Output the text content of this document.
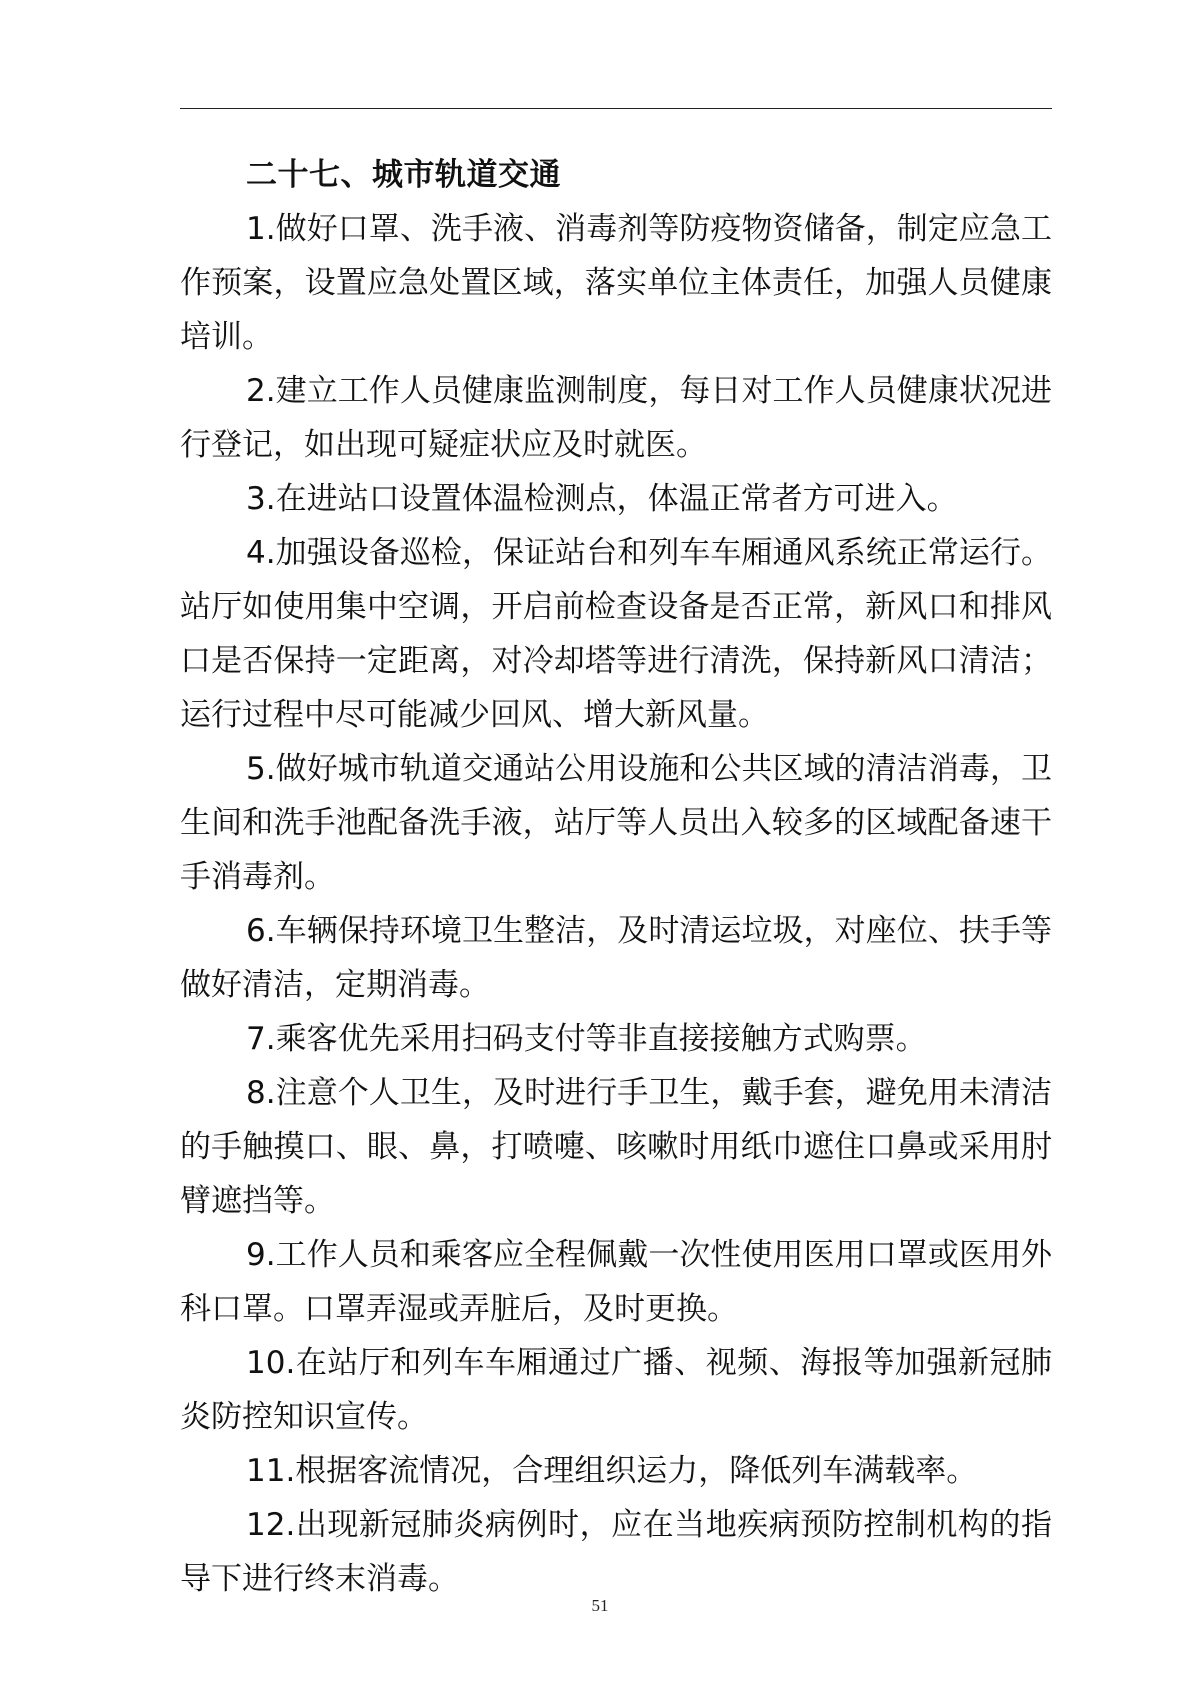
二十七、城市轨道交通

1.做好口罩、洗手液、消毒剂等防疫物资储备，制定应急工作预案，设置应急处置区域，落实单位主体责任，加强人员健康培训。

2.建立工作人员健康监测制度，每日对工作人员健康状况进行登记，如出现可疑症状应及时就医。

3.在进站口设置体温检测点，体温正常者方可进入。

4.加强设备巡检，保证站台和列车车厢通风系统正常运行。站厅如使用集中空调，开启前检查设备是否正常，新风口和排风口是否保持一定距离，对冷却塔等进行清洗，保持新风口清洁；运行过程中尽可能减少回风、增大新风量。

5.做好城市轨道交通站公用设施和公共区域的清洁消毒，卫生间和洗手池配备洗手液，站厅等人员出入较多的区域配备速干手消毒剂。

6.车辆保持环境卫生整洁，及时清运垃圾，对座位、扶手等做好清洁，定期消毒。

7.乘客优先采用扫码支付等非直接接触方式购票。

8.注意个人卫生，及时进行手卫生，戴手套，避免用未清洁的手触摸口、眼、鼻，打喷嚏、咳嗽时用纸巾遮住口鼻或采用肘臂遮挡等。

9.工作人员和乘客应全程佩戴一次性使用医用口罩或医用外科口罩。口罩弄湿或弄脏后，及时更换。

10.在站厅和列车车厢通过广播、视频、海报等加强新冠肺炎防控知识宣传。

11.根据客流情况，合理组织运力，降低列车满载率。

12.出现新冠肺炎病例时，应在当地疾病预防控制机构的指导下进行终末消毒。

51
